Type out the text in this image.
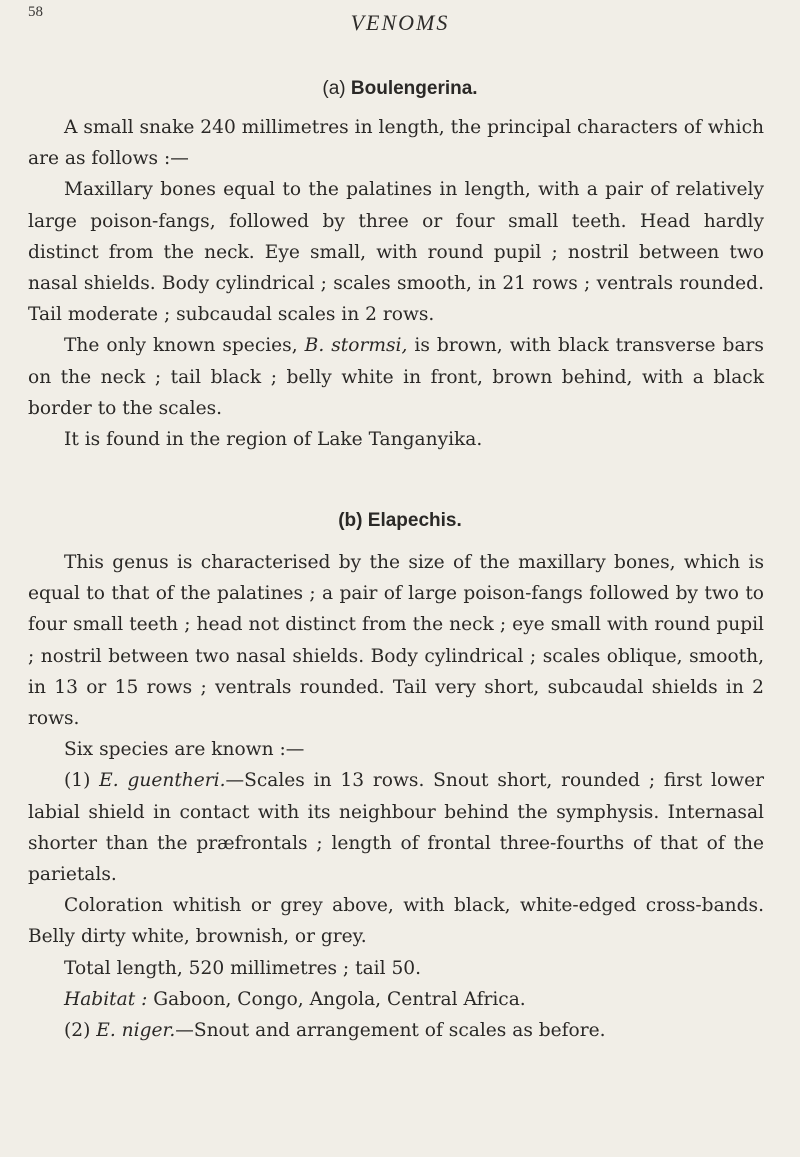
58	VENOMS
(a) Boulengerina.

A small snake 240 millimetres in length, the principal characters of which are as follows :—

Maxillary bones equal to the palatines in length, with a pair of relatively large poison-fangs, followed by three or four small teeth. Head hardly distinct from the neck. Eye small, with round pupil ; nostril between two nasal shields. Body cylindrical ; scales smooth, in 21 rows ; ventrals rounded. Tail moderate ; subcaudal scales in 2 rows.

The only known species, B. stormsi, is brown, with black transverse bars on the neck ; tail black ; belly white in front, brown behind, with a black border to the scales.

It is found in the region of Lake Tanganyika.

(b) Elapechis.

This genus is characterised by the size of the maxillary bones, which is equal to that of the palatines ; a pair of large poison-fangs followed by two to four small teeth ; head not distinct from the neck ; eye small with round pupil ; nostril between two nasal shields. Body cylindrical ; scales oblique, smooth, in 13 or 15 rows ; ventrals rounded. Tail very short, subcaudal shields in 2 rows.

Six species are known :—

(1) E. guentheri.—Scales in 13 rows. Snout short, rounded ; first lower labial shield in contact with its neighbour behind the symphysis. Internasal shorter than the præfrontals ; length of frontal three-fourths of that of the parietals.

Coloration whitish or grey above, with black, white-edged cross-bands. Belly dirty white, brownish, or grey.

Total length, 520 millimetres ; tail 50.

Habitat : Gaboon, Congo, Angola, Central Africa.

(2) E. niger.—Snout and arrangement of scales as before.
